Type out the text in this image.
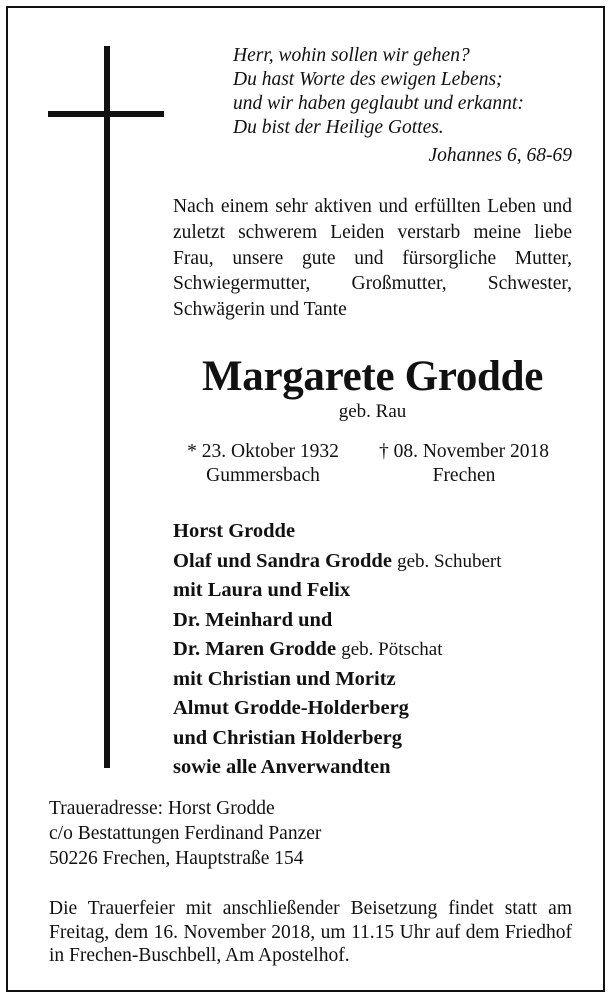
Herr, wohin sollen wir gehen?
Du hast Worte des ewigen Lebens;
und wir haben geglaubt und erkannt:
Du bist der Heilige Gottes.
Johannes 6, 68-69
Nach einem sehr aktiven und erfüllten Leben und zuletzt schwerem Leiden verstarb meine liebe Frau, unsere gute und fürsorgliche Mutter, Schwiegermutter, Großmutter, Schwester, Schwägerin und Tante
Margarete Grodde
geb. Rau
* 23. Oktober 1932
Gummersbach
† 08. November 2018
Frechen
Horst Grodde
Olaf und Sandra Grodde geb. Schubert
mit Laura und Felix
Dr. Meinhard und
Dr. Maren Grodde geb. Pötschat
mit Christian und Moritz
Almut Grodde-Holderberg
und Christian Holderberg
sowie alle Anverwandten
Traueradresse: Horst Grodde
c/o Bestattungen Ferdinand Panzer
50226 Frechen, Hauptstraße 154
Die Trauerfeier mit anschließender Beisetzung findet statt am Freitag, dem 16. November 2018, um 11.15 Uhr auf dem Friedhof in Frechen-Buschbell, Am Apostelhof.
